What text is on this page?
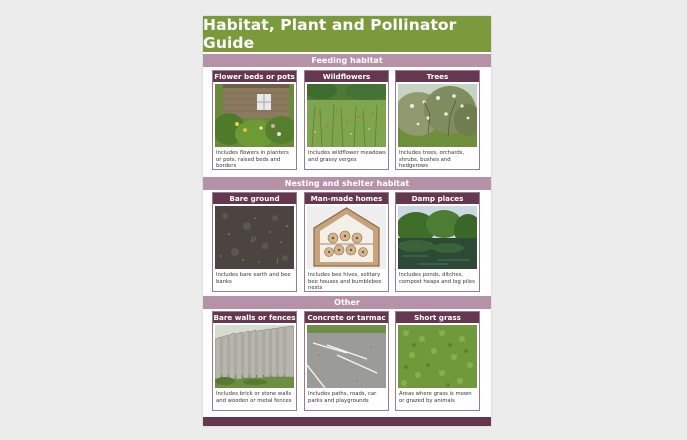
Habitat, Plant and Pollinator Guide
Feeding habitat
Flower beds or pots
Includes flowers in planters or pots, raised beds and borders
Wildflowers
Includes wildflower meadows and grassy verges
Trees
Includes trees, orchards, shrubs, bushes and hedgerows
Nesting and shelter habitat
Bare ground
Includes bare earth and bee banks
Man-made homes
Includes bee hives, solitary bee houses and bumblebee nests
Damp places
Includes ponds, ditches, compost heaps and log piles
Other
Bare walls or fences
Includes brick or stone walls and wooden or metal fences
Concrete or tarmac
Includes paths, roads, car parks and playgrounds
Short grass
Areas where grass is mown or grazed by animals
